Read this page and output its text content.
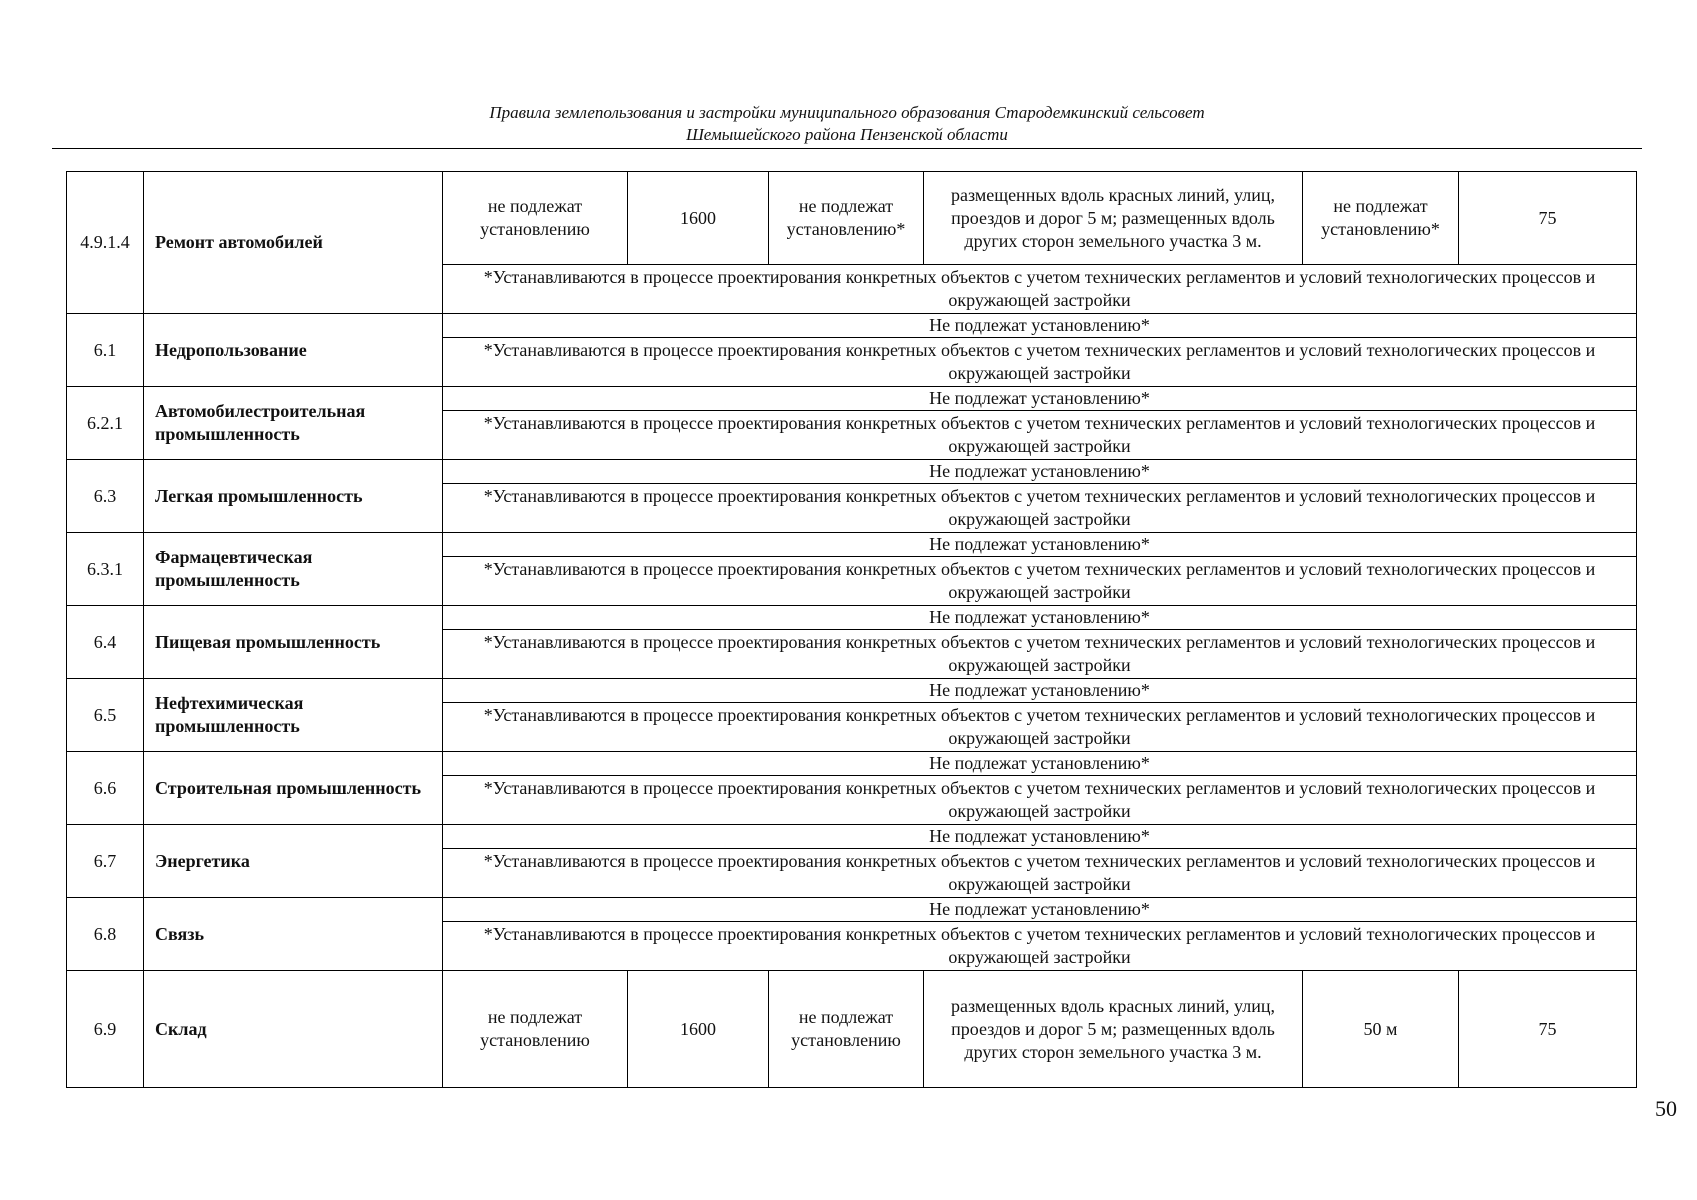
Правила землепользования и застройки муниципального образования Стародемкинский сельсовет
Шемышейского района Пензенской области
4.9.1.4	Ремонт автомобилей	не подлежат установлению	1600	не подлежат установлению*	размещенных вдоль красных линий, улиц, проездов и дорог 5 м; размещенных вдоль других сторон земельного участка 3 м.	не подлежат установлению*	75
		*Устанавливаются в процессе проектирования конкретных объектов с учетом технических регламентов и условий технологических процессов и окружающей застройки					
6.1	Недропользование	Не подлежат установлению*					
		*Устанавливаются в процессе проектирования конкретных объектов с учетом технических регламентов и условий технологических процессов и окружающей застройки					
6.2.1	Автомобилестроительная промышленность	Не подлежат установлению*					
		*Устанавливаются в процессе проектирования конкретных объектов с учетом технических регламентов и условий технологических процессов и окружающей застройки					
6.3	Легкая промышленность	Не подлежат установлению*					
		*Устанавливаются в процессе проектирования конкретных объектов с учетом технических регламентов и условий технологических процессов и окружающей застройки					
6.3.1	Фармацевтическая промышленность	Не подлежат установлению*					
		*Устанавливаются в процессе проектирования конкретных объектов с учетом технических регламентов и условий технологических процессов и окружающей застройки					
6.4	Пищевая промышленность	Не подлежат установлению*					
		*Устанавливаются в процессе проектирования конкретных объектов с учетом технических регламентов и условий технологических процессов и окружающей застройки					
6.5	Нефтехимическая промышленность	Не подлежат установлению*					
		*Устанавливаются в процессе проектирования конкретных объектов с учетом технических регламентов и условий технологических процессов и окружающей застройки					
6.6	Строительная промышленность	Не подлежат установлению*					
		*Устанавливаются в процессе проектирования конкретных объектов с учетом технических регламентов и условий технологических процессов и окружающей застройки					
6.7	Энергетика	Не подлежат установлению*					
		*Устанавливаются в процессе проектирования конкретных объектов с учетом технических регламентов и условий технологических процессов и окружающей застройки					
6.8	Связь	Не подлежат установлению*					
		*Устанавливаются в процессе проектирования конкретных объектов с учетом технических регламентов и условий технологических процессов и окружающей застройки					
6.9	Склад	не подлежат установлению	1600	не подлежат установлению	размещенных вдоль красных линий, улиц, проездов и дорог 5 м; размещенных вдоль других сторон земельного участка 3 м.	50 м	75
50
